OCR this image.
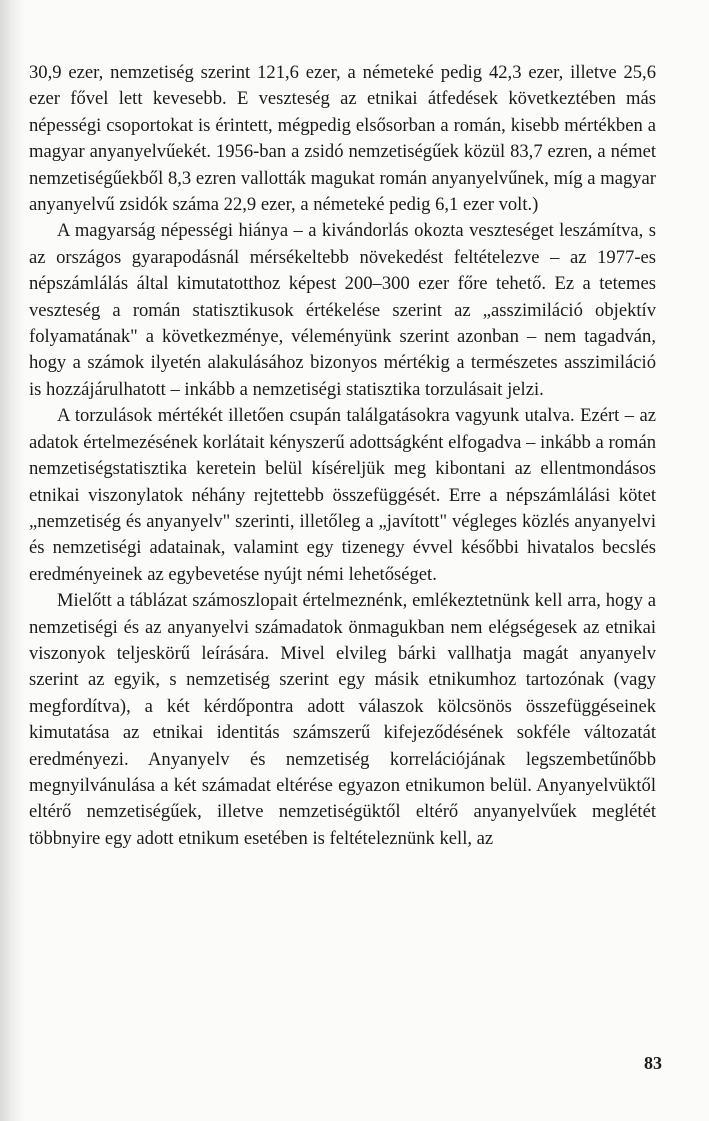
30,9 ezer, nemzetiség szerint 121,6 ezer, a németeké pedig 42,3 ezer, illetve 25,6 ezer fővel lett kevesebb. E veszteség az etnikai átfedések következtében más népességi csoportokat is érintett, mégpedig elsősorban a román, kisebb mértékben a magyar anyanyelvűekét. 1956-ban a zsidó nemzetiségűek közül 83,7 ezren, a német nemzetiségűekből 8,3 ezren vallották magukat román anyanyelvűnek, míg a magyar anyanyelvű zsidók száma 22,9 ezer, a németeké pedig 6,1 ezer volt.)

A magyarság népességi hiánya – a kivándorlás okozta veszteséget leszámítva, s az országos gyarapodásnál mérsékeltebb növekedést feltételezve – az 1977-es népszámlálás által kimutatotthoz képest 200–300 ezer főre tehető. Ez a tetemes veszteség a román statisztikusok értékelése szerint az „asszimiláció objektív folyamatának" a következménye, véleményünk szerint azonban – nem tagadván, hogy a számok ilyetén alakulásához bizonyos mértékig a természetes asszimiláció is hozzájárulhatott – inkább a nemzetiségi statisztika torzulásait jelzi.

A torzulások mértékét illetően csupán találgatásokra vagyunk utalva. Ezért – az adatok értelmezésének korlátait kényszerű adottságként elfogadva – inkább a román nemzetiségstatisztika keretein belül kíséreljük meg kibontani az ellentmondásos etnikai viszonylatok néhány rejtettebb összefüggését. Erre a népszámlálási kötet „nemzetiség és anyanyelv" szerinti, illetőleg a „javított" végleges közlés anyanyelvi és nemzetiségi adatainak, valamint egy tizenegy évvel későbbi hivatalos becslés eredményeinek az egybevetése nyújt némi lehetőséget.

Mielőtt a táblázat számoszlopait értelmeznénk, emlékeztetnünk kell arra, hogy a nemzetiségi és az anyanyelvi számadatok önmagukban nem elégségesek az etnikai viszonyok teljeskörű leírására. Mivel elvileg bárki vallhatja magát anyanyelv szerint az egyik, s nemzetiség szerint egy másik etnikumhoz tartozónak (vagy megfordítva), a két kérdőpontra adott válaszok kölcsönös összefüggéseinek kimutatása az etnikai identitás számszerű kifejeződésének sokféle változatát eredményezi. Anyanyelv és nemzetiség korrelációjának legszembetűnőbb megnyilvánulása a két számadat eltérése egyazon etnikumon belül. Anyanyelvüktől eltérő nemzetiségűek, illetve nemzetiségüktől eltérő anyanyelvűek meglétét többnyire egy adott etnikum esetében is feltételeznünk kell, az

83
